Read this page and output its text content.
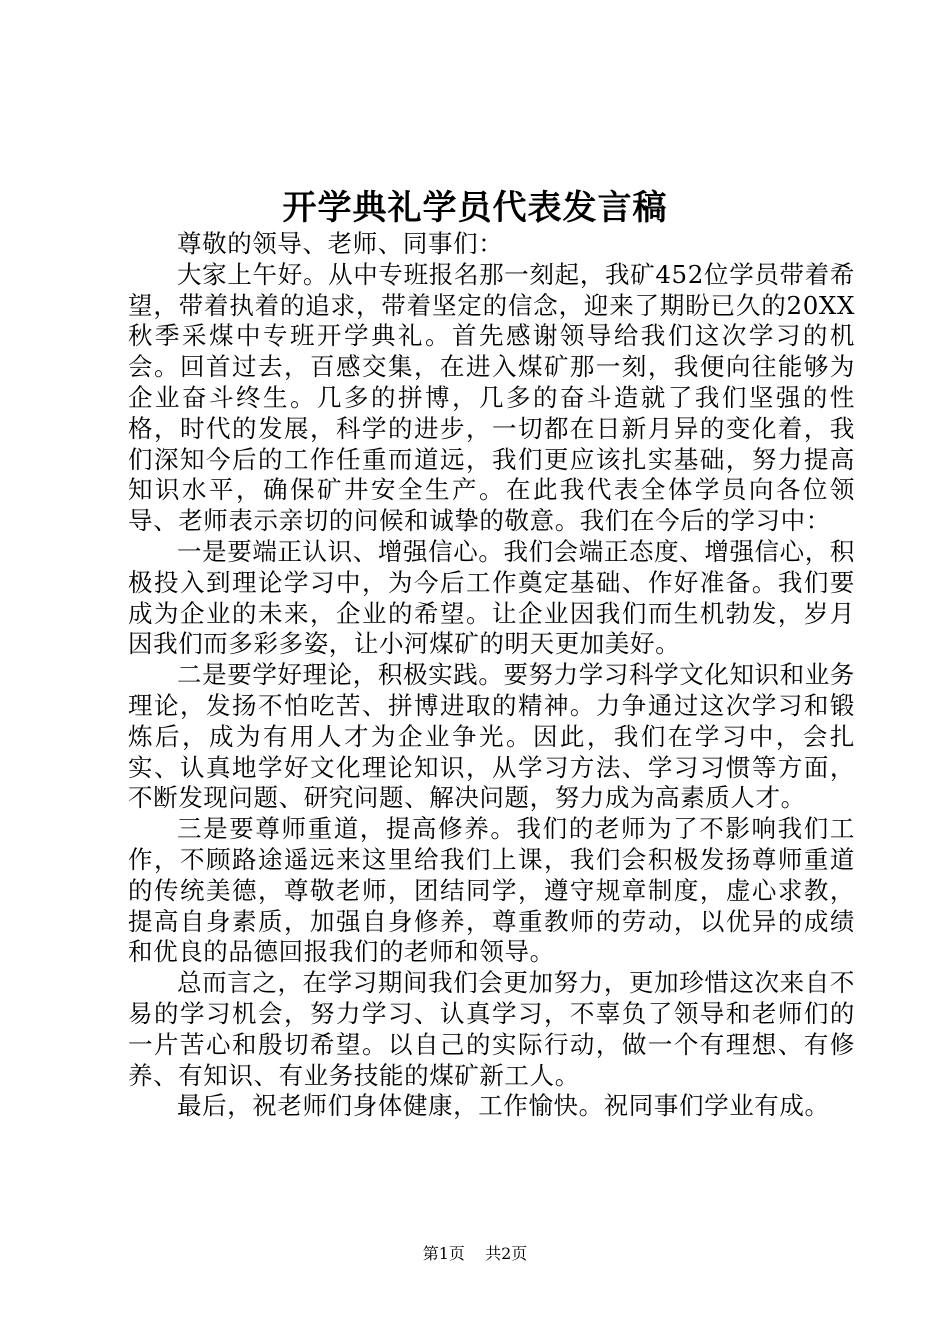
开学典礼学员代表发言稿

尊敬的领导、老师、同事们：

大家上午好。从中专班报名那一刻起，我矿452位学员带着希望，带着执着的追求，带着坚定的信念，迎来了期盼已久的20XX秋季采煤中专班开学典礼。首先感谢领导给我们这次学习的机会。回首过去，百感交集，在进入煤矿那一刻，我便向往能够为企业奋斗终生。几多的拼博，几多的奋斗造就了我们坚强的性格，时代的发展，科学的进步，一切都在日新月异的变化着，我们深知今后的工作任重而道远，我们更应该扎实基础，努力提高知识水平，确保矿井安全生产。在此我代表全体学员向各位领导、老师表示亲切的问候和诚挚的敬意。我们在今后的学习中：

一是要端正认识、增强信心。我们会端正态度、增强信心，积极投入到理论学习中，为今后工作奠定基础、作好准备。我们要成为企业的未来，企业的希望。让企业因我们而生机勃发，岁月因我们而多彩多姿，让小河煤矿的明天更加美好。

二是要学好理论，积极实践。要努力学习科学文化知识和业务理论，发扬不怕吃苦、拼博进取的精神。力争通过这次学习和锻炼后，成为有用人才为企业争光。因此，我们在学习中，会扎实、认真地学好文化理论知识，从学习方法、学习习惯等方面，不断发现问题、研究问题、解决问题，努力成为高素质人才。

三是要尊师重道，提高修养。我们的老师为了不影响我们工作，不顾路途遥远来这里给我们上课，我们会积极发扬尊师重道的传统美德，尊敬老师，团结同学，遵守规章制度，虚心求教，提高自身素质，加强自身修养，尊重教师的劳动，以优异的成绩和优良的品德回报我们的老师和领导。

总而言之，在学习期间我们会更加努力，更加珍惜这次来自不易的学习机会，努力学习、认真学习，不辜负了领导和老师们的一片苦心和殷切希望。以自己的实际行动，做一个有理想、有修养、有知识、有业务技能的煤矿新工人。

最后，祝老师们身体健康，工作愉快。祝同事们学业有成。

第1页 共2页
